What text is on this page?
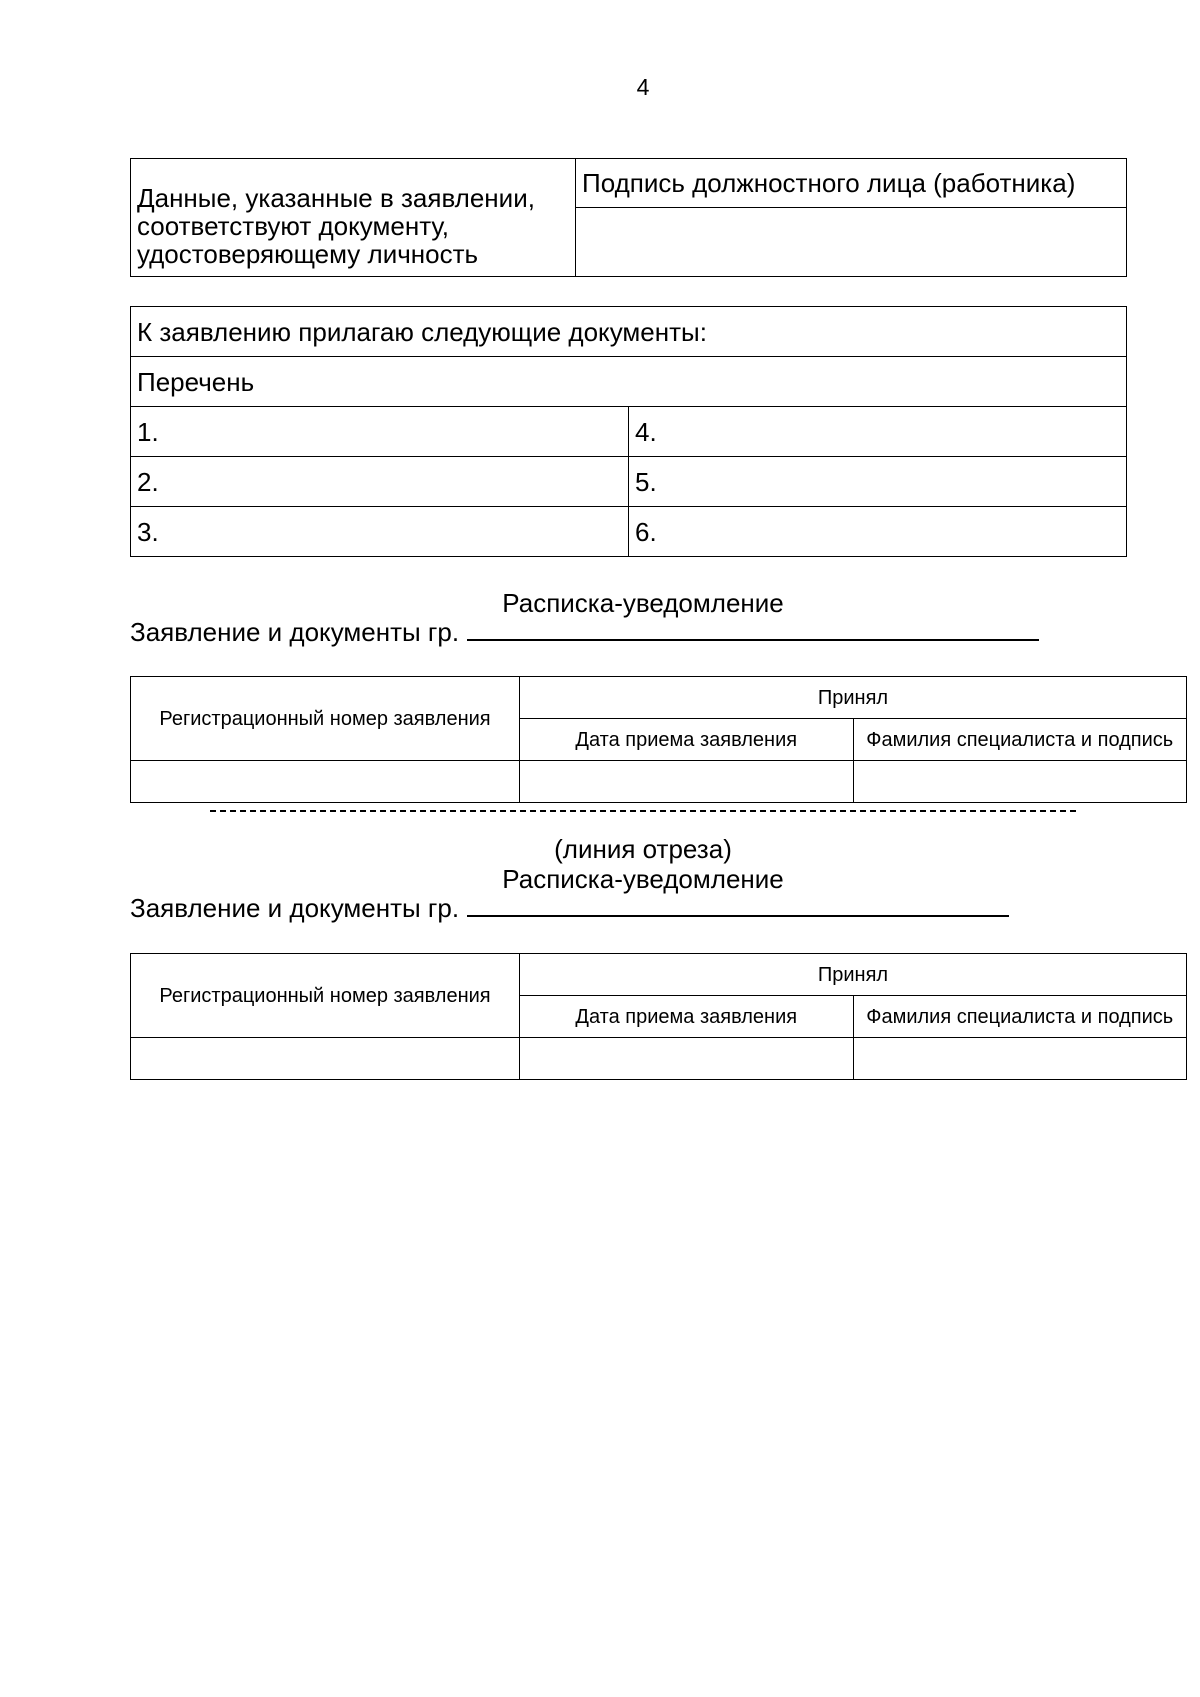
4
Данные, указанные в заявлении, соответствуют документу, удостоверяющему личность	Подпись должностного лица (работника)

К заявлению прилагаю следующие документы:	
Перечень	
1.	4.
2.	5.
3.	6.
Расписка-уведомление
Заявление и документы гр.
Регистрационный номер заявления	Принял	
	Дата приема заявления	Фамилия специалиста и подпись

(линия отреза)
Расписка-уведомление
Заявление и документы гр.
Регистрационный номер заявления	Принял	
	Дата приема заявления	Фамилия специалиста и подпись
